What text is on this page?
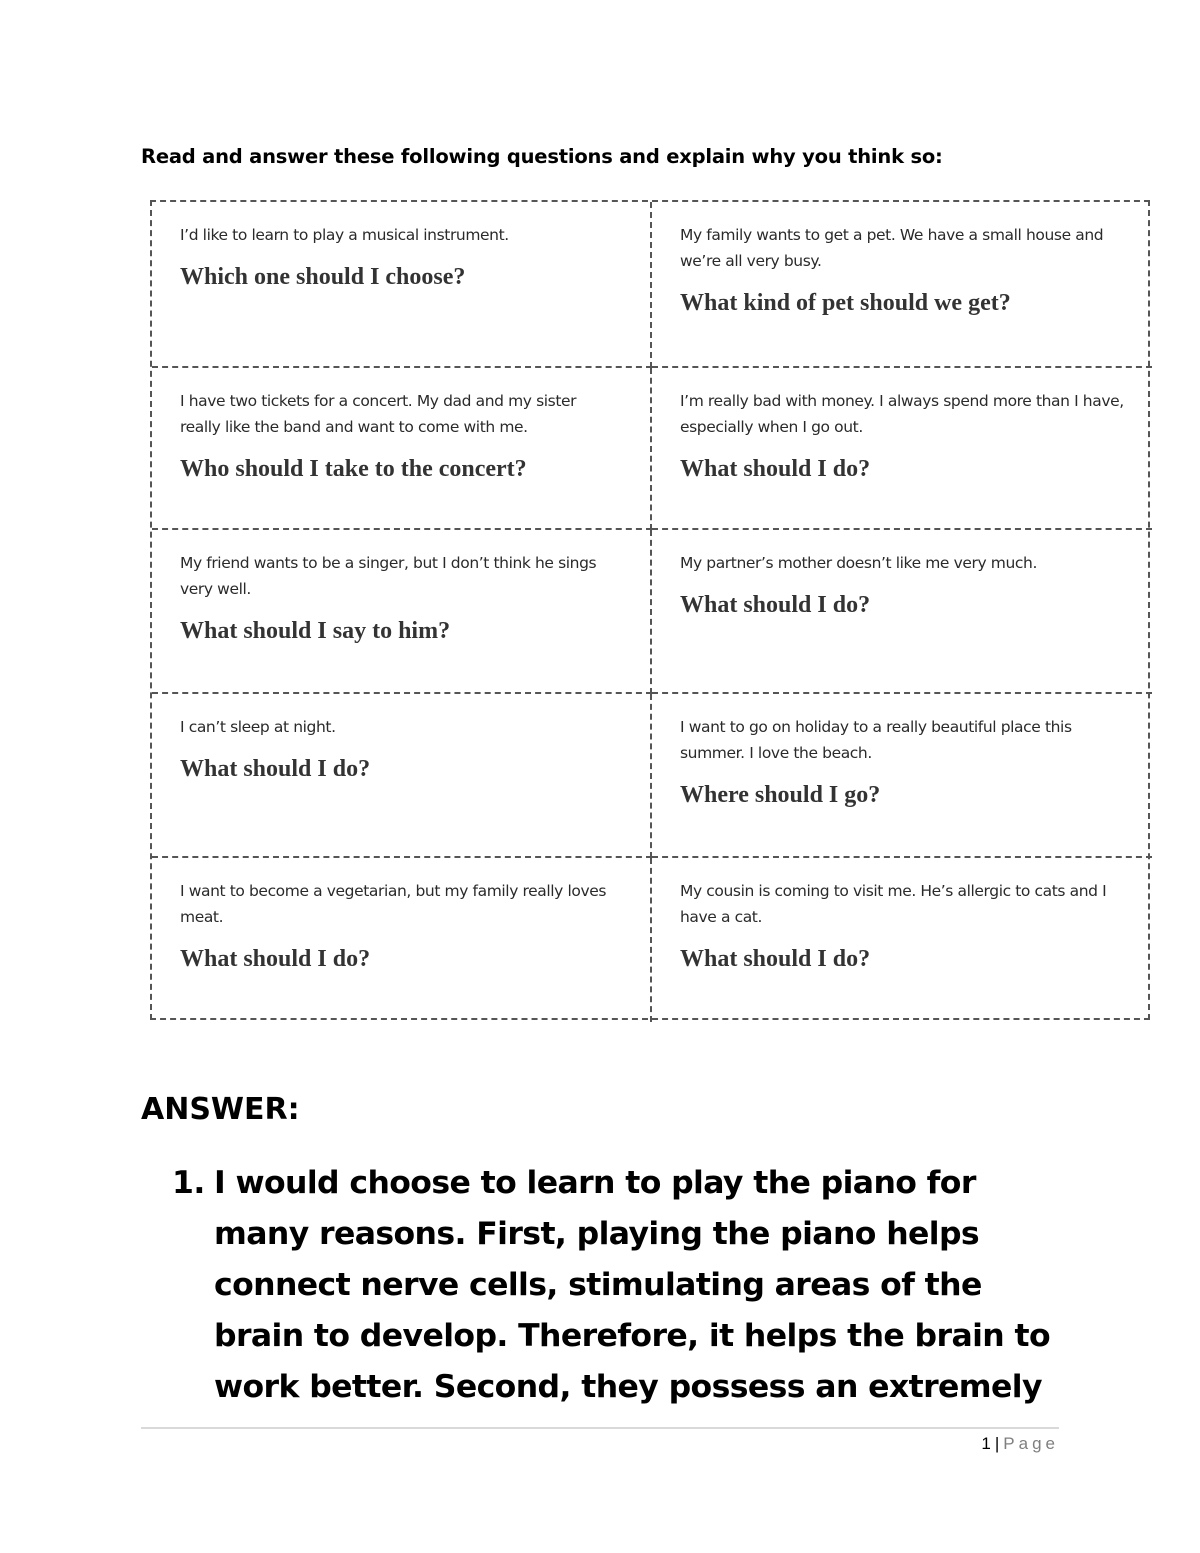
Read and answer these following questions and explain why you think so:

I’d like to learn to play a musical instrument.

Which one should I choose?

My family wants to get a pet. We have a small house and we’re all very busy.

What kind of pet should we get?

I have two tickets for a concert. My dad and my sister really like the band and want to come with me.

Who should I take to the concert?

I’m really bad with money. I always spend more than I have, especially when I go out.

What should I do?

My friend wants to be a singer, but I don’t think he sings very well.

What should I say to him?

My partner’s mother doesn’t like me very much.

What should I do?

I can’t sleep at night.

What should I do?

I want to go on holiday to a really beautiful place this summer. I love the beach.

Where should I go?

I want to become a vegetarian, but my family really loves meat.

What should I do?

My cousin is coming to visit me. He’s allergic to cats and I have a cat.

What should I do?

ANSWER:
1. I would choose to learn to play the piano for many reasons. First, playing the piano helps connect nerve cells, stimulating areas of the brain to develop. Therefore, it helps the brain to work better. Second, they possess an extremely
1 | Page
